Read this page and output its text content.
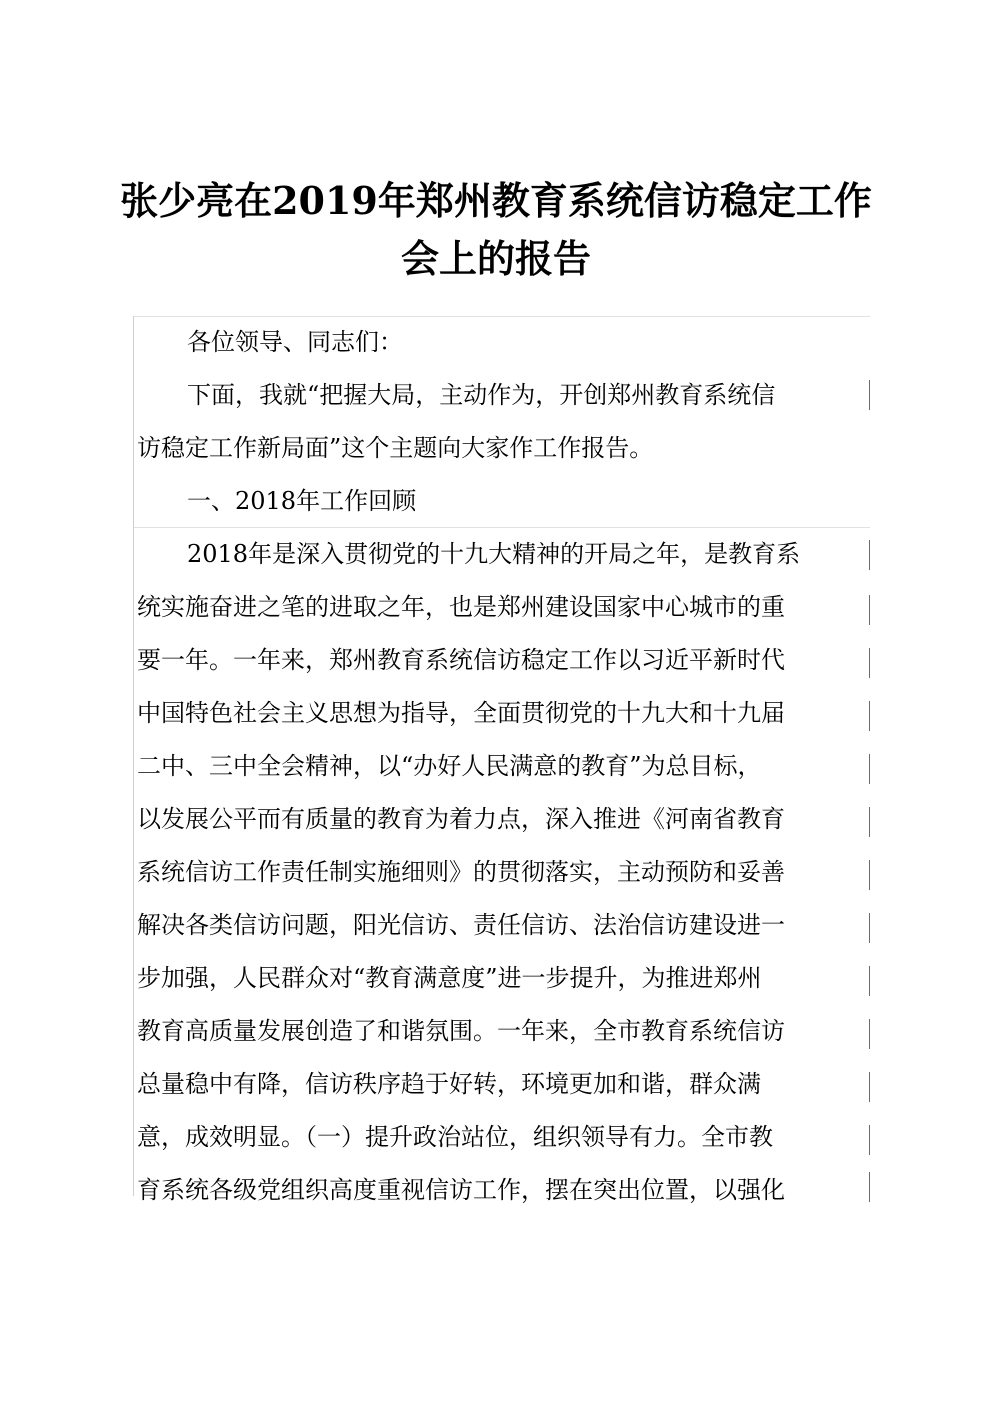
张少亮在2019年郑州教育系统信访稳定工作
会上的报告
各位领导、同志们：
下面，我就“把握大局，主动作为，开创郑州教育系统信
访稳定工作新局面”这个主题向大家作工作报告。
一、2018年工作回顾
2018年是深入贯彻党的十九大精神的开局之年，是教育系
统实施奋进之笔的进取之年，也是郑州建设国家中心城市的重
要一年。一年来，郑州教育系统信访稳定工作以习近平新时代
中国特色社会主义思想为指导，全面贯彻党的十九大和十九届
二中、三中全会精神，以“办好人民满意的教育”为总目标，
以发展公平而有质量的教育为着力点，深入推进《河南省教育
系统信访工作责任制实施细则》的贯彻落实，主动预防和妥善
解决各类信访问题，阳光信访、责任信访、法治信访建设进一
步加强，人民群众对“教育满意度”进一步提升，为推进郑州
教育高质量发展创造了和谐氛围。一年来，全市教育系统信访
总量稳中有降，信访秩序趋于好转，环境更加和谐，群众满
意，成效明显。（一）提升政治站位，组织领导有力。全市教
育系统各级党组织高度重视信访工作，摆在突出位置，以强化
